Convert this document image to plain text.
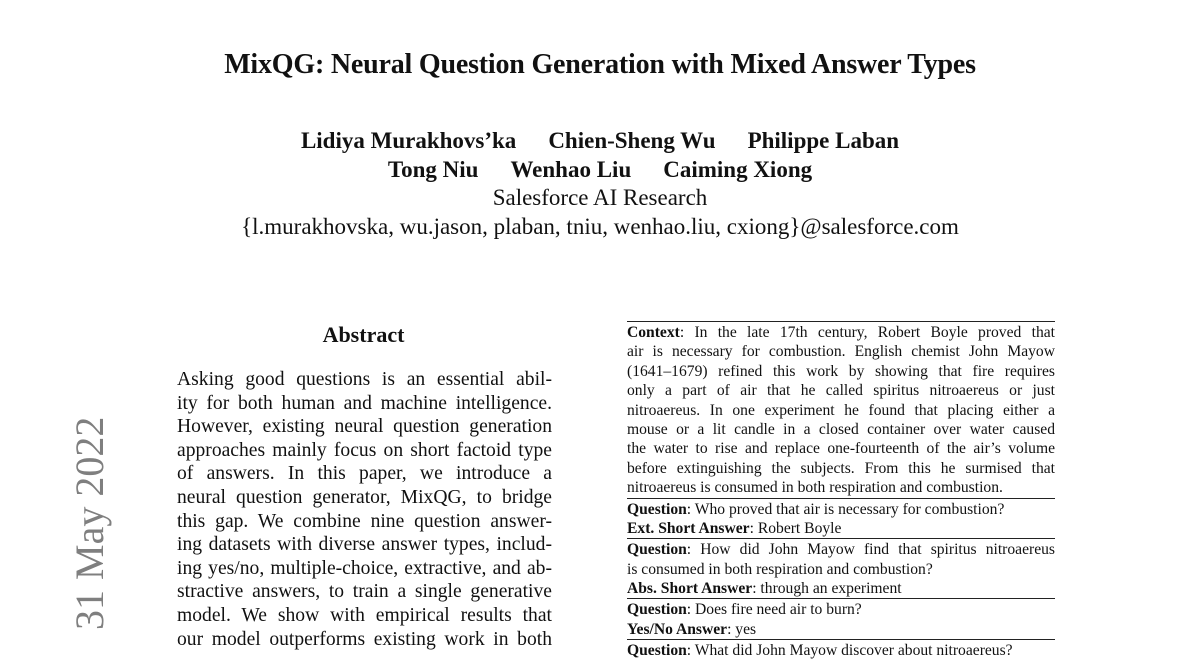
MixQG: Neural Question Generation with Mixed Answer Types
Lidiya Murakhovs’ka Chien-Sheng Wu Philippe Laban
Tong Niu Wenhao Liu Caiming Xiong
Salesforce AI Research
{l.murakhovska, wu.jason, plaban, tniu, wenhao.liu, cxiong}@salesforce.com
31 May 2022
Abstract
Asking good questions is an essential abil-
ity for both human and machine intelligence.
However, existing neural question generation
approaches mainly focus on short factoid type
of answers. In this paper, we introduce a
neural question generator, MixQG, to bridge
this gap. We combine nine question answer-
ing datasets with diverse answer types, includ-
ing yes/no, multiple-choice, extractive, and ab-
stractive answers, to train a single generative
model. We show with empirical results that
our model outperforms existing work in both
Context: In the late 17th century, Robert Boyle proved that
air is necessary for combustion. English chemist John Mayow
(1641–1679) refined this work by showing that fire requires
only a part of air that he called spiritus nitroaereus or just
nitroaereus. In one experiment he found that placing either a
mouse or a lit candle in a closed container over water caused
the water to rise and replace one-fourteenth of the air’s volume
before extinguishing the subjects. From this he surmised that
nitroaereus is consumed in both respiration and combustion.
Question: Who proved that air is necessary for combustion?
Ext. Short Answer: Robert Boyle
Question: How did John Mayow find that spiritus nitroaereus
is consumed in both respiration and combustion?
Abs. Short Answer: through an experiment
Question: Does fire need air to burn?
Yes/No Answer: yes
Question: What did John Mayow discover about nitroaereus?
